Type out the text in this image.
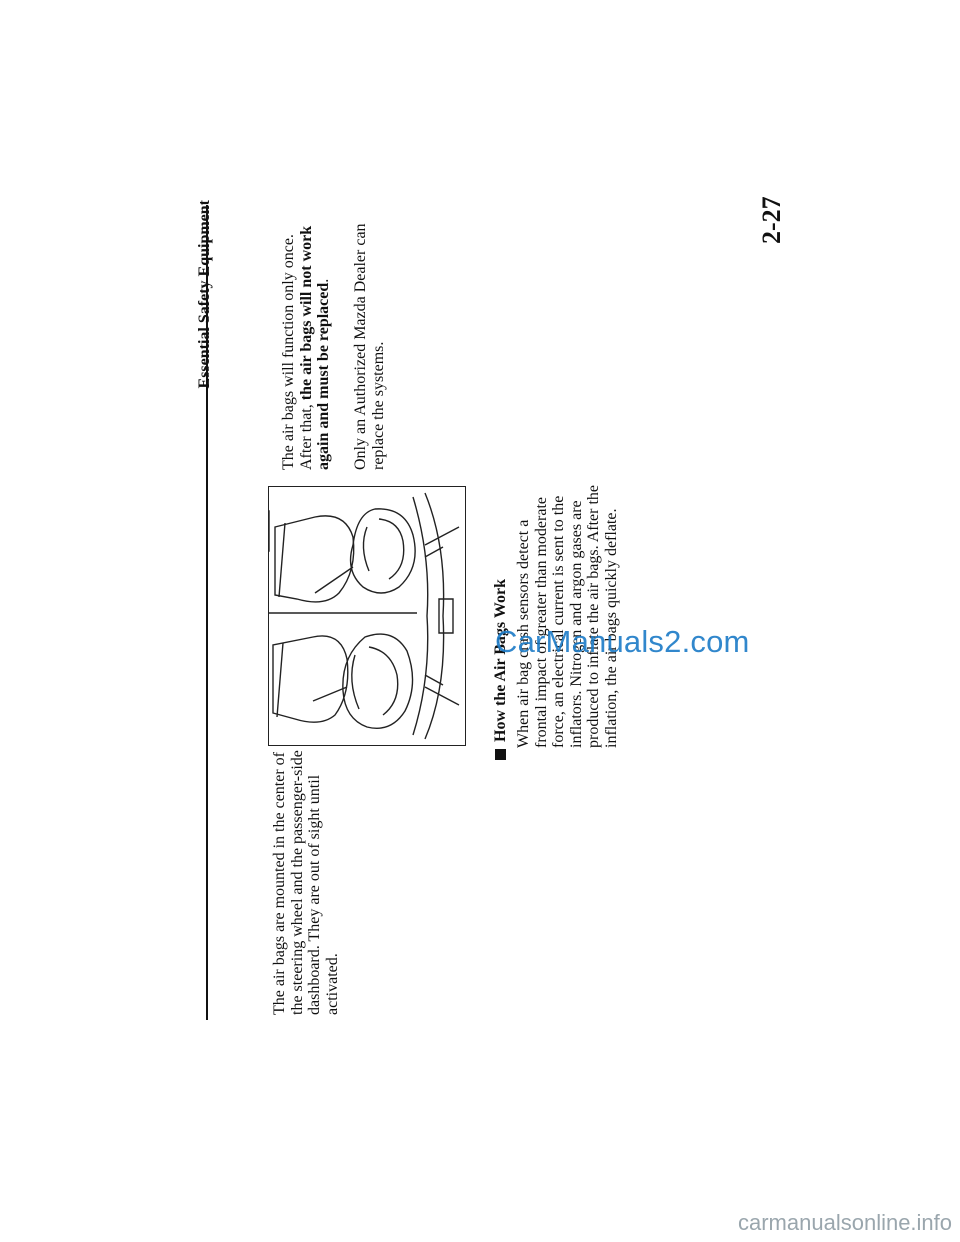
Essential Safety Equipment	2-27

The air bags are mounted in the center of the steering wheel and the passenger-side dashboard. They are out of sight until activated.

The air bags will function only once. After that, the air bags will not work again and must be replaced. Only an Authorized Mazda Dealer can replace the systems.

How the Air Bags Work When air bag crash sensors detect a frontal impact of greater than moderate force, an electrical current is sent to the inflators. Nitrogen and argon gases are produced to inflate the air bags. After the inflation, the air bags quickly deflate.

CarManuals2.com
carmanualsonline.info
